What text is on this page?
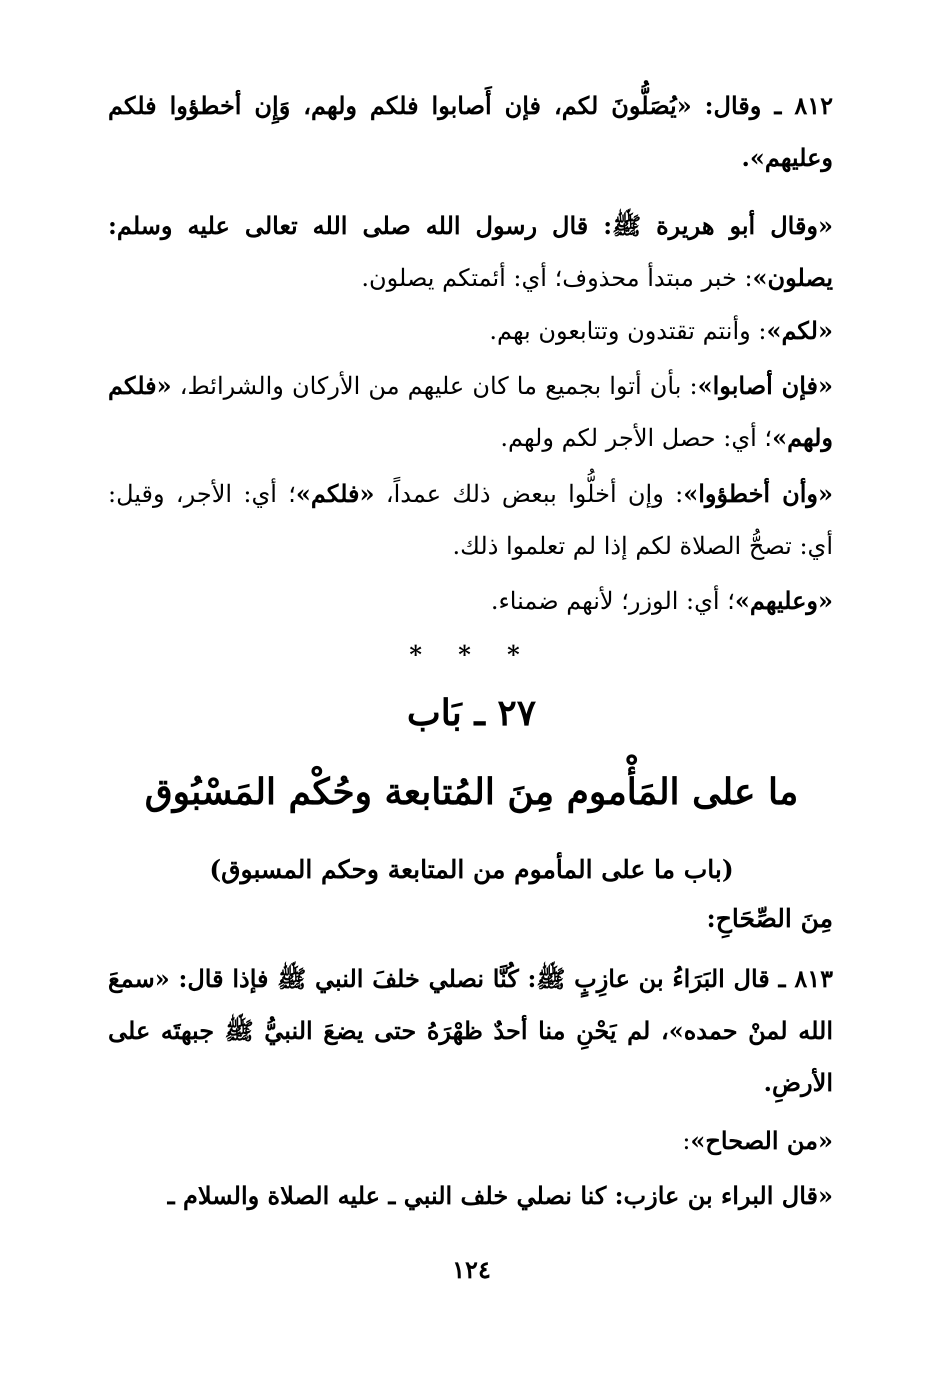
٨١٢ ـ وقال: «يُصَلُّونَ لكم، فإن أَصابوا فلكم ولهم، وَإِن أخطؤوا فلكم وعليهم».
«وقال أبو هريرة ﷺ: قال رسول الله صلى الله تعالى عليه وسلم: يصلون»: خبر مبتدأ محذوف؛ أي: أئمتكم يصلون.
«لكم»: وأنتم تقتدون وتتابعون بهم.
«فإن أصابوا»: بأن أتوا بجميع ما كان عليهم من الأركان والشرائط، «فلكم ولهم»؛ أي: حصل الأجر لكم ولهم.
«وأن أخطؤوا»: وإن أخلُّوا ببعض ذلك عمداً، «فلكم»؛ أي: الأجر، وقيل: أي: تصحُّ الصلاة لكم إذا لم تعلموا ذلك.
«وعليهم»؛ أي: الوزر؛ لأنهم ضمناء.
* * *
٢٧ ـ بَاب
ما على المَأْموم مِنَ المُتابعة وحُكْم المَسْبُوق
(باب ما على المأموم من المتابعة وحكم المسبوق)
مِنَ الصِّحَاحِ:
٨١٣ ـ قال البَرَاءُ بن عازِبٍ ﷺ: كُنَّا نصلي خلفَ النبي ﷺ فإذا قال: «سمعَ الله لمنْ حمده»، لم يَحْنِ منا أحدٌ ظهْرَهُ حتى يضعَ النبيُّ ﷺ جبهتَه على الأرضِ.
«من الصحاح»:
«قال البراء بن عازب: كنا نصلي خلف النبي ـ عليه الصلاة والسلام ـ
١٢٤
